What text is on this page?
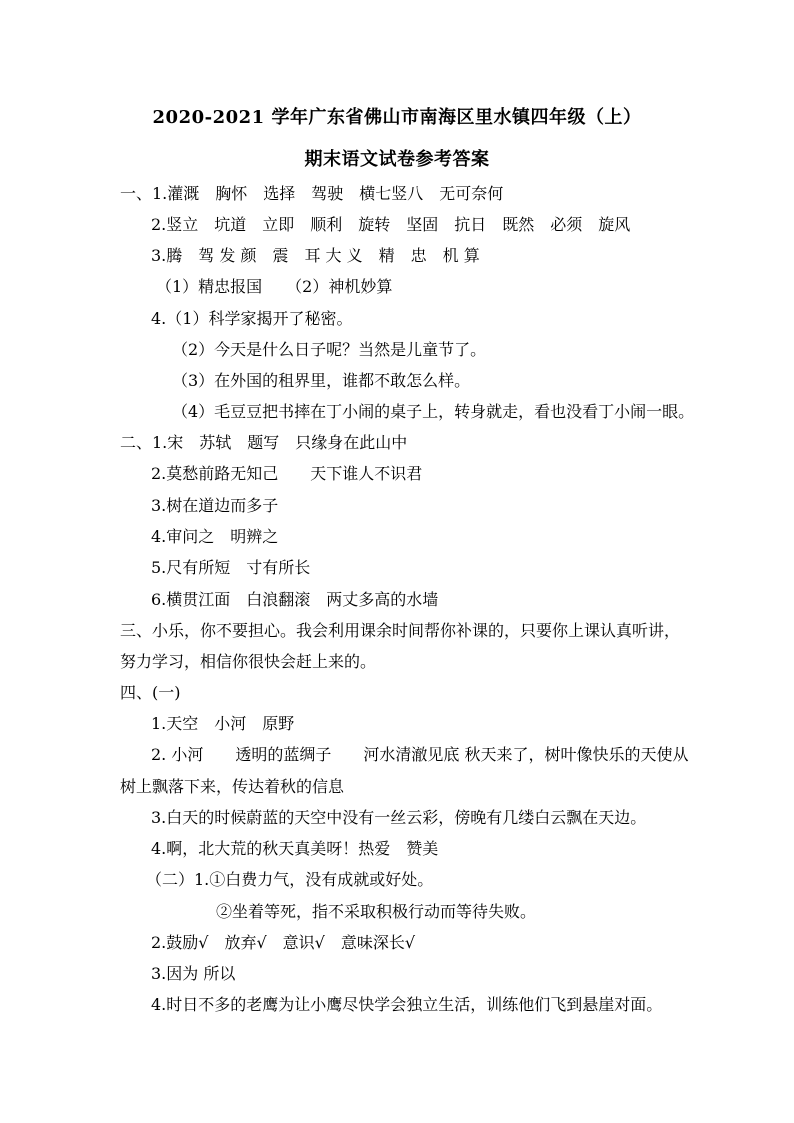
2020-2021 学年广东省佛山市南海区里水镇四年级（上）
期末语文试卷参考答案
一、1.灌溉　胸怀　选择　驾驶　横七竖八　无可奈何
2.竖立　坑道　立即　顺利　旋转　坚固　抗日　既然　必须　旋风
3.腾　驾 发 颜　震　耳 大 义　精　忠　机 算
（1）精忠报国　　（2）神机妙算
4.（1）科学家揭开了秘密。
（2）今天是什么日子呢？当然是儿童节了。
（3）在外国的租界里，谁都不敢怎么样。
（4）毛豆豆把书摔在丁小闹的桌子上，转身就走，看也没看丁小闹一眼。
二、1.宋　苏轼　题写　只缘身在此山中
2.莫愁前路无知己　　天下谁人不识君
3.树在道边而多子
4.审问之　明辨之
5.尺有所短　寸有所长
6.横贯江面　白浪翻滚　两丈多高的水墙
三、小乐，你不要担心。我会利用课余时间帮你补课的，只要你上课认真听讲，
努力学习，相信你很快会赶上来的。
四、(一)
1.天空　小河　原野
2. 小河　　透明的蓝绸子　　河水清澈见底 秋天来了，树叶像快乐的天使从
树上飘落下来，传达着秋的信息
3.白天的时候蔚蓝的天空中没有一丝云彩，傍晚有几缕白云飘在天边。
4.啊，北大荒的秋天真美呀！热爱　赞美
（二）1.①白费力气，没有成就或好处。
②坐着等死，指不采取积极行动而等待失败。
2.鼓励√　放弃√　意识√　意味深长√
3.因为 所以
4.时日不多的老鹰为让小鹰尽快学会独立生活，训练他们飞到悬崖对面。
